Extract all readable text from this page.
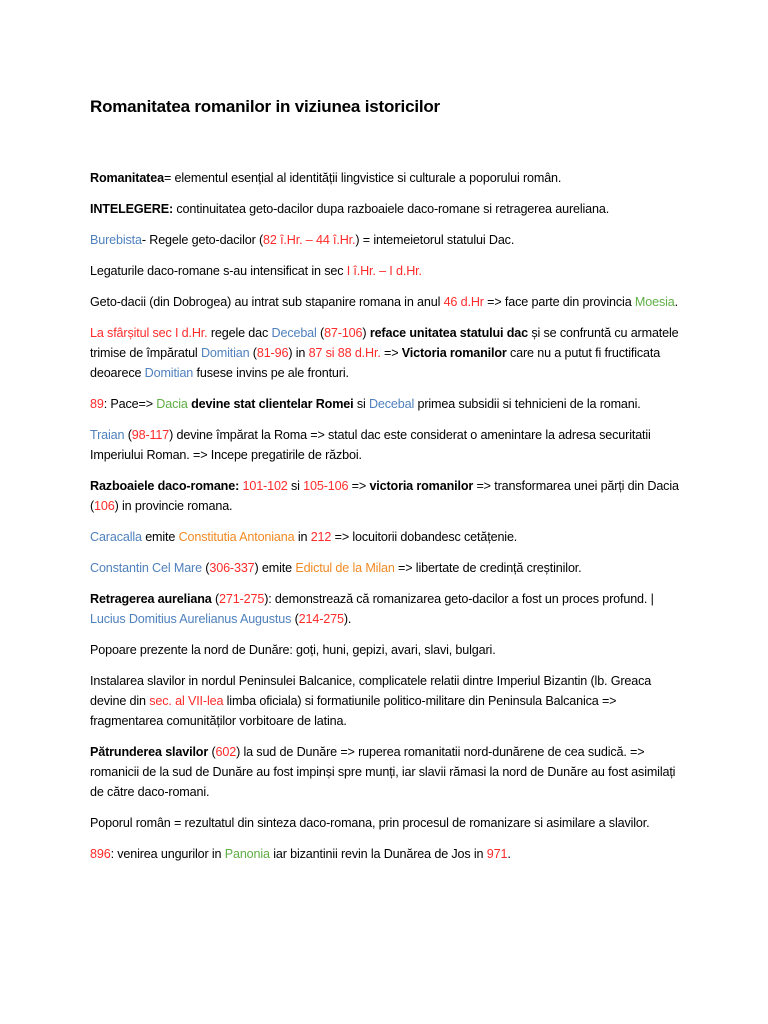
Romanitatea romanilor in viziunea istoricilor

Romanitatea= elementul esențial al identității lingvistice si culturale a poporului român.

INTELEGERE: continuitatea geto-dacilor dupa razboaiele daco-romane si retragerea aureliana.

Burebista- Regele geto-dacilor (82 î.Hr. – 44 î.Hr.) = intemeietorul statului Dac.

Legaturile daco-romane s-au intensificat in sec I î.Hr. – I d.Hr.

Geto-dacii (din Dobrogea) au intrat sub stapanire romana in anul 46 d.Hr => face parte din provincia Moesia.

La sfârșitul sec I d.Hr. regele dac Decebal (87-106) reface unitatea statului dac și se confruntă cu armatele trimise de împăratul Domitian (81-96) in 87 si 88 d.Hr. => Victoria romanilor care nu a putut fi fructificata deoarece Domitian fusese invins pe ale fronturi.

89: Pace=> Dacia devine stat clientelar Romei si Decebal primea subsidii si tehnicieni de la romani.

Traian (98-117) devine împărat la Roma => statul dac este considerat o amenintare la adresa securitatii Imperiului Roman. => Incepe pregatirile de război.

Razboaiele daco-romane: 101-102 si 105-106 => victoria romanilor => transformarea unei părți din Dacia (106) in provincie romana.

Caracalla emite Constitutia Antoniana in 212 => locuitorii dobandesc cetățenie.

Constantin Cel Mare (306-337) emite Edictul de la Milan => libertate de credință creștinilor.

Retragerea aureliana (271-275): demonstrează că romanizarea geto-dacilor a fost un proces profund. | Lucius Domitius Aurelianus Augustus (214-275).

Popoare prezente la nord de Dunăre: goți, huni, gepizi, avari, slavi, bulgari.

Instalarea slavilor in nordul Peninsulei Balcanice, complicatele relatii dintre Imperiul Bizantin (lb. Greaca devine din sec. al VII-lea limba oficiala) si formatiunile politico-militare din Peninsula Balcanica => fragmentarea comunităților vorbitoare de latina.

Pătrunderea slavilor (602) la sud de Dunăre => ruperea romanitatii nord-dunărene de cea sudică. => romanicii de la sud de Dunăre au fost impinși spre munți, iar slavii rămasi la nord de Dunăre au fost asimilați de către daco-romani.

Poporul român = rezultatul din sinteza daco-romana, prin procesul de romanizare si asimilare a slavilor.

896: venirea ungurilor in Panonia iar bizantinii revin la Dunărea de Jos in 971.
